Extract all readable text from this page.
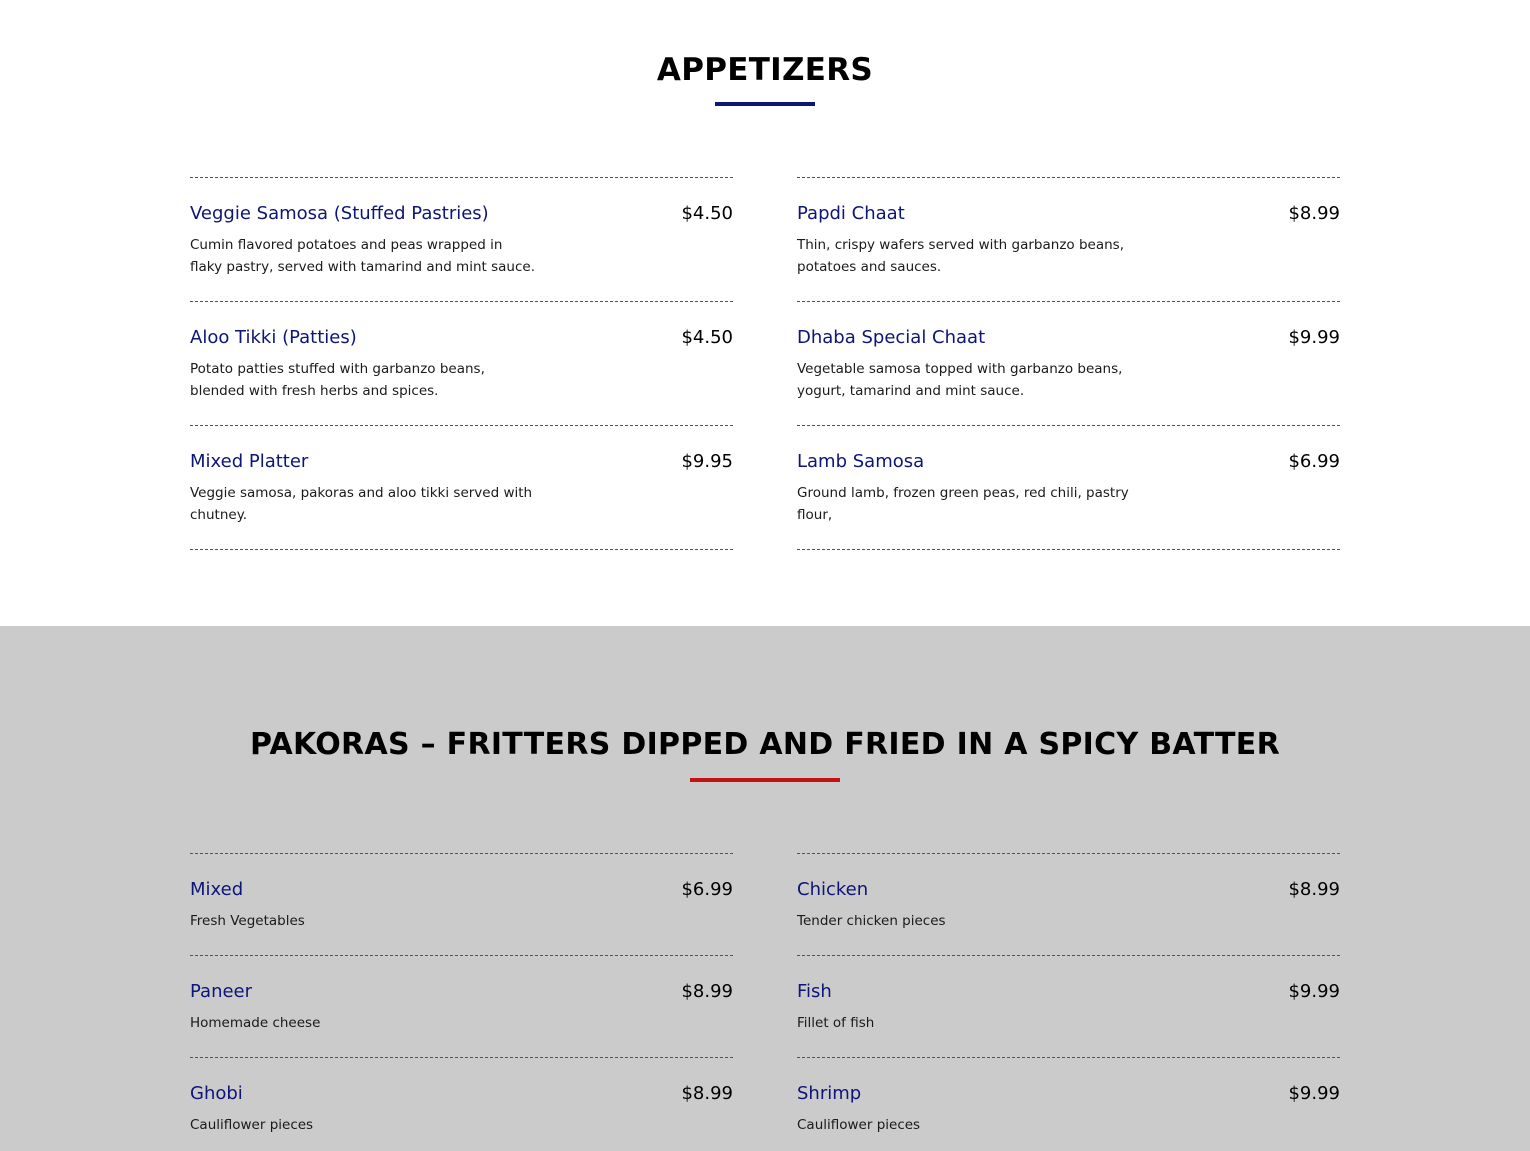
APPETIZERS
Veggie Samosa (Stuffed Pastries)	$4.50
Cumin flavored potatoes and peas wrapped in flaky pastry, served with tamarind and mint sauce.
Aloo Tikki (Patties)	$4.50
Potato patties stuffed with garbanzo beans, blended with fresh herbs and spices.
Mixed Platter	$9.95
Veggie samosa, pakoras and aloo tikki served with chutney.
Papdi Chaat	$8.99
Thin, crispy wafers served with garbanzo beans, potatoes and sauces.
Dhaba Special Chaat	$9.99
Vegetable samosa topped with garbanzo beans, yogurt, tamarind and mint sauce.
Lamb Samosa	$6.99
Ground lamb, frozen green peas, red chili, pastry flour,
PAKORAS – FRITTERS DIPPED AND FRIED IN A SPICY BATTER
Mixed	$6.99
Fresh Vegetables
Paneer	$8.99
Homemade cheese
Ghobi	$8.99
Cauliflower pieces
Chicken	$8.99
Tender chicken pieces
Fish	$9.99
Fillet of fish
Shrimp	$9.99
Cauliflower pieces
